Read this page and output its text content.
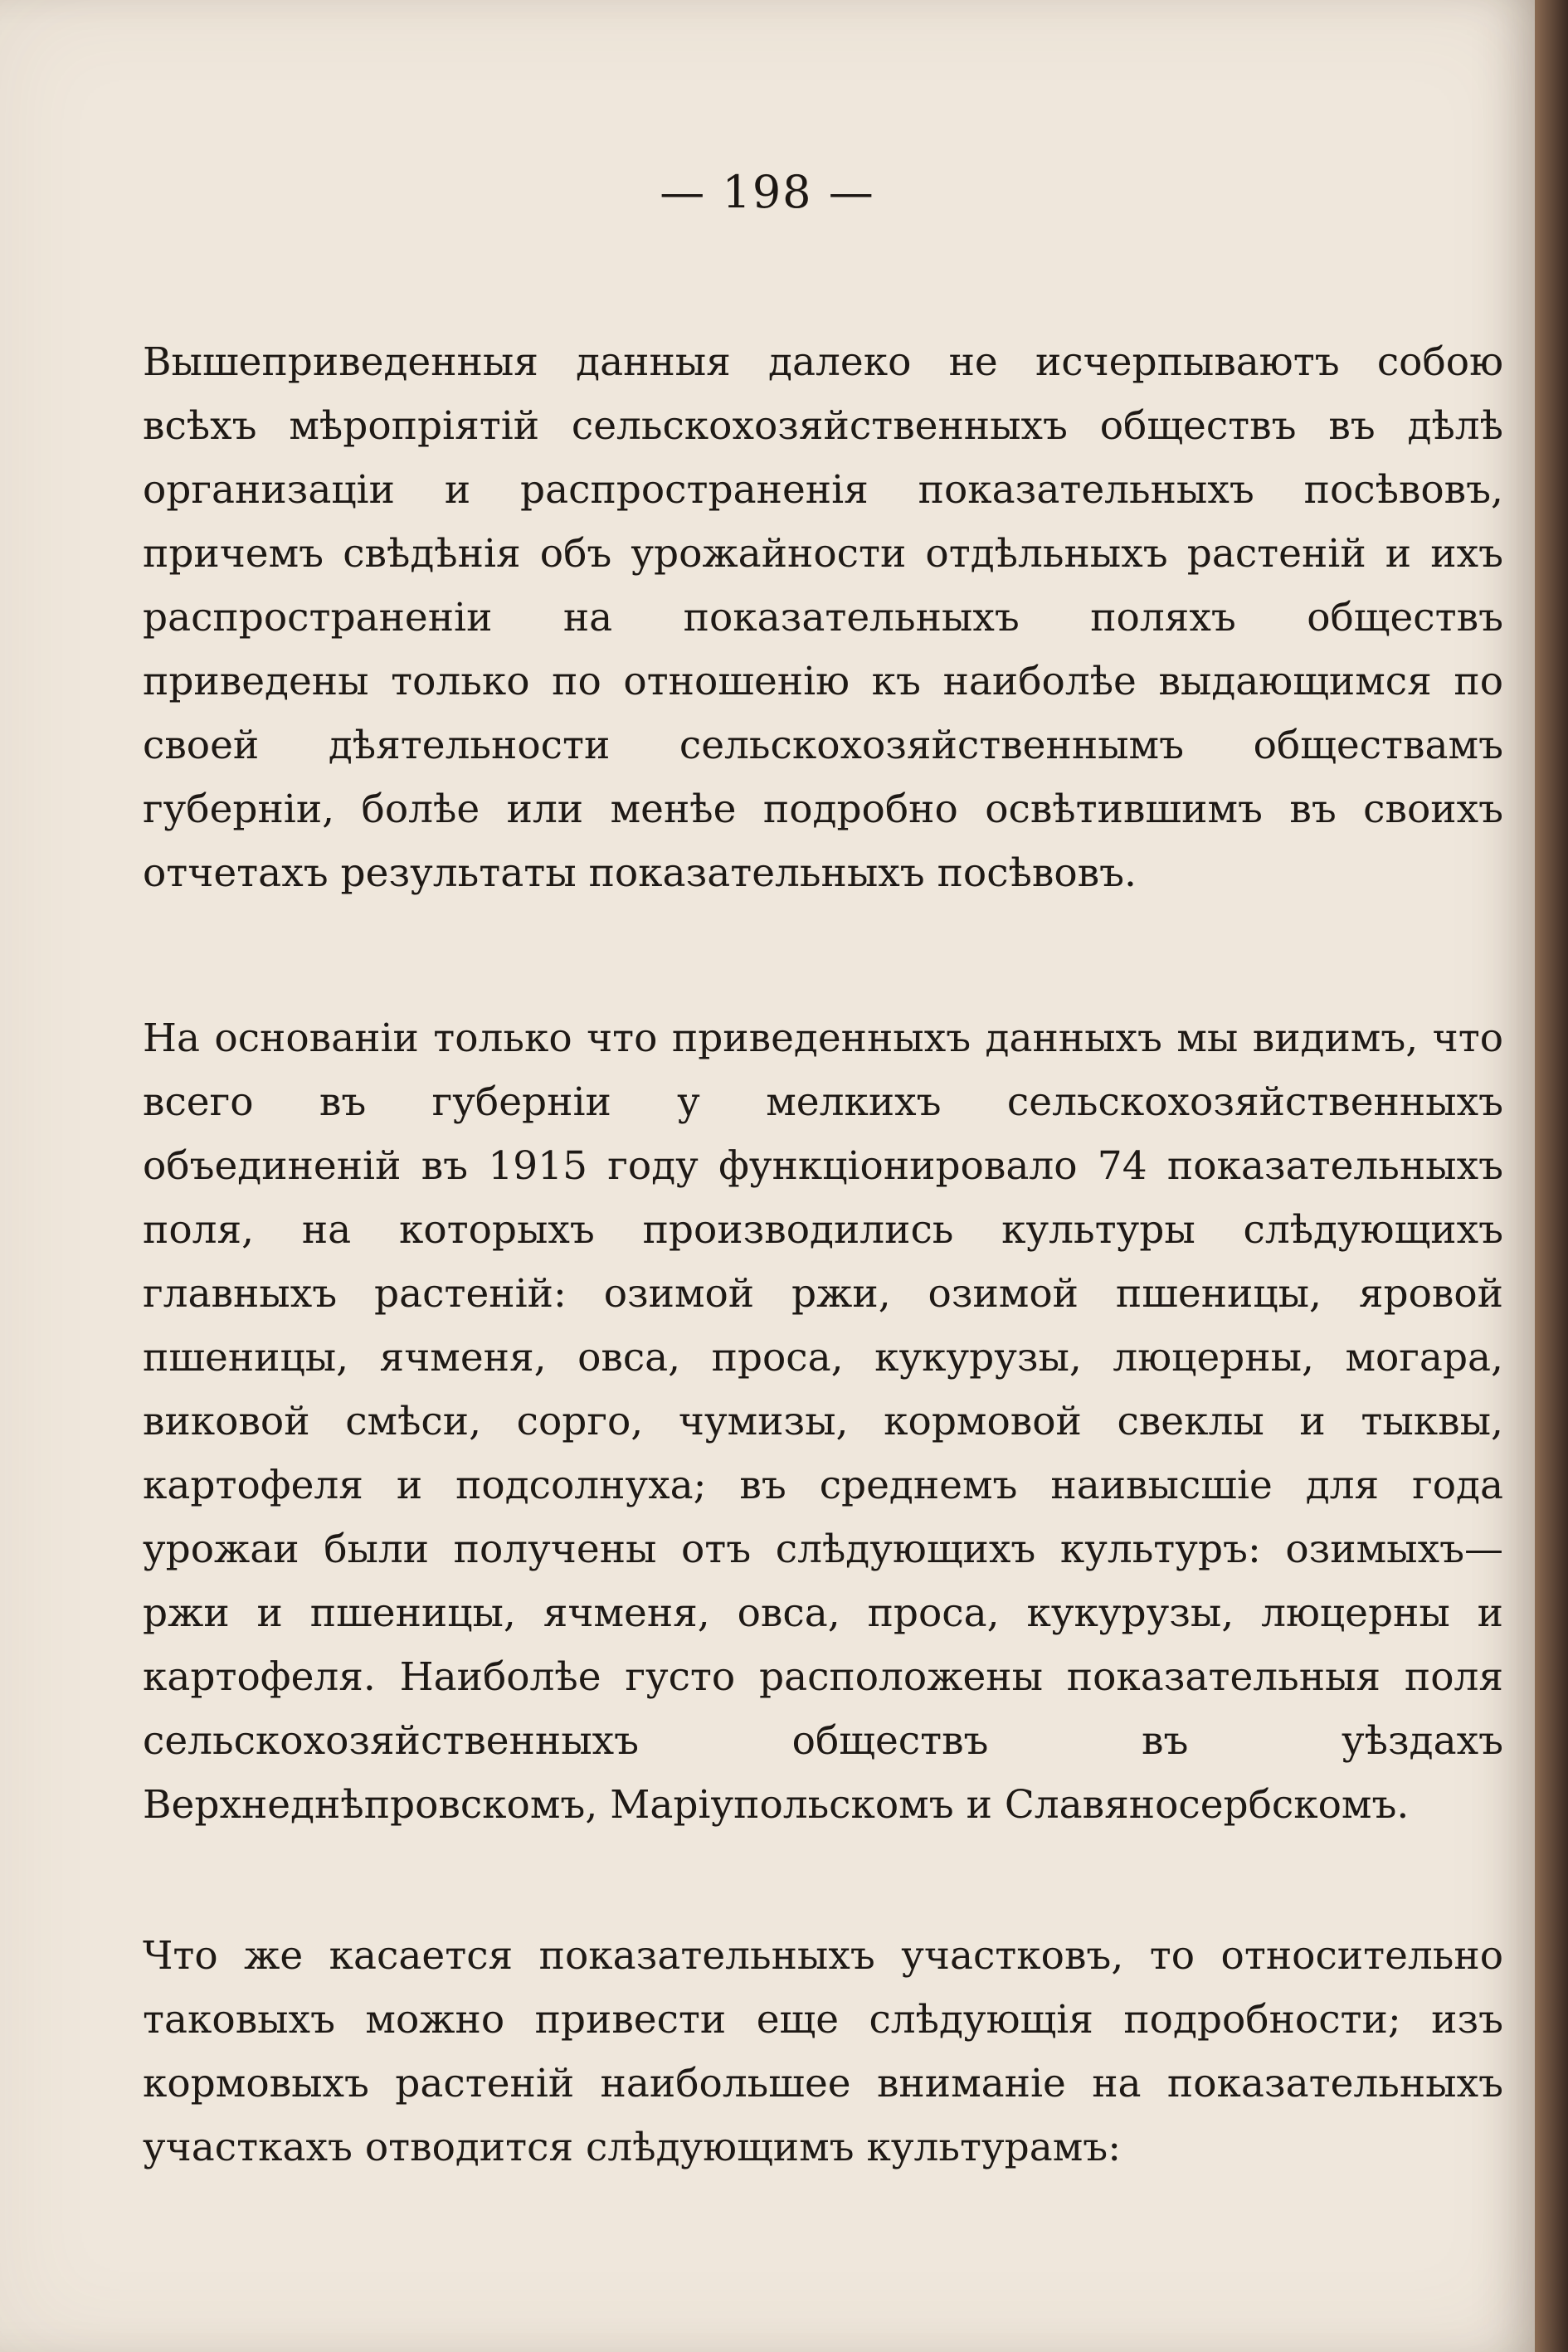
— 198 —
Вышеприведенныя данныя далеко не исчерпываютъ собою всѣхъ мѣропріятій сельскохозяйственныхъ обществъ въ дѣлѣ организаціи и распространенія показательныхъ посѣвовъ, причемъ свѣдѣнія объ урожайности отдѣльныхъ растеній и ихъ распространеніи на показательныхъ поляхъ обществъ приведены только по отношенію къ наиболѣе выдающимся по своей дѣятельности сельскохозяйственнымъ обществамъ губерніи, болѣе или менѣе подробно освѣтившимъ въ своихъ отчетахъ результаты показательныхъ посѣвовъ.
На основаніи только что приведенныхъ данныхъ мы видимъ, что всего въ губерніи у мелкихъ сельскохозяйственныхъ объединеній въ 1915 году функціонировало 74 показательныхъ поля, на которыхъ производились культуры слѣдующихъ главныхъ растеній: озимой ржи, озимой пшеницы, яровой пшеницы, ячменя, овса, проса, кукурузы, люцерны, могара, виковой смѣси, сорго, чумизы, кормовой свеклы и тыквы, картофеля и подсолнуха; въ среднемъ наивысшіе для года урожаи были получены отъ слѣдующихъ культуръ: озимыхъ—ржи и пшеницы, ячменя, овса, проса, кукурузы, люцерны и картофеля. Наиболѣе густо расположены показательныя поля сельскохозяйственныхъ обществъ въ уѣздахъ Верхнеднѣпровскомъ, Маріупольскомъ и Славяносербскомъ.
Что же касается показательныхъ участковъ, то относительно таковыхъ можно привести еще слѣдующія подробности; изъ кормовыхъ растеній наибольшее вниманіе на показательныхъ участкахъ отводится слѣдующимъ культурамъ:
